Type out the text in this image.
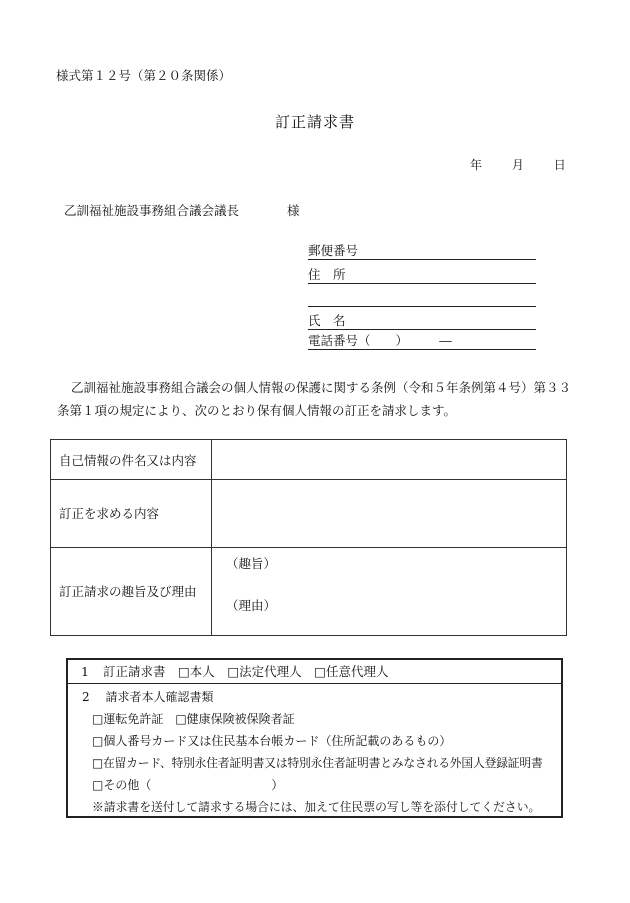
様式第１２号（第２０条関係）
訂正請求書
年 月 日
乙訓福祉施設事務組合議会議長	様
郵便番号
住　所
氏　名
電話番号（　　）　　　―
乙訓福祉施設事務組合議会の個人情報の保護に関する条例（令和５年条例第４号）第３３条第１項の規定により、次のとおり保有個人情報の訂正を請求します。
自己情報の件名又は内容	
訂正を求める内容	
訂正請求の趣旨及び理由	（趣旨）
（理由）
1 訂正請求書　 □本人　 □法定代理人　 □任意代理人
2　 請求者本人確認書類
□運転免許証　□健康保険被保険者証
□個人番号カード又は住民基本台帳カード（住所記載のあるもの）
□在留カード、特別永住者証明書又は特別永住者証明書とみなされる外国人登録証明書
□その他（　　　　　　　　　　）
※請求書を送付して請求する場合には、加えて住民票の写し等を添付してください。
